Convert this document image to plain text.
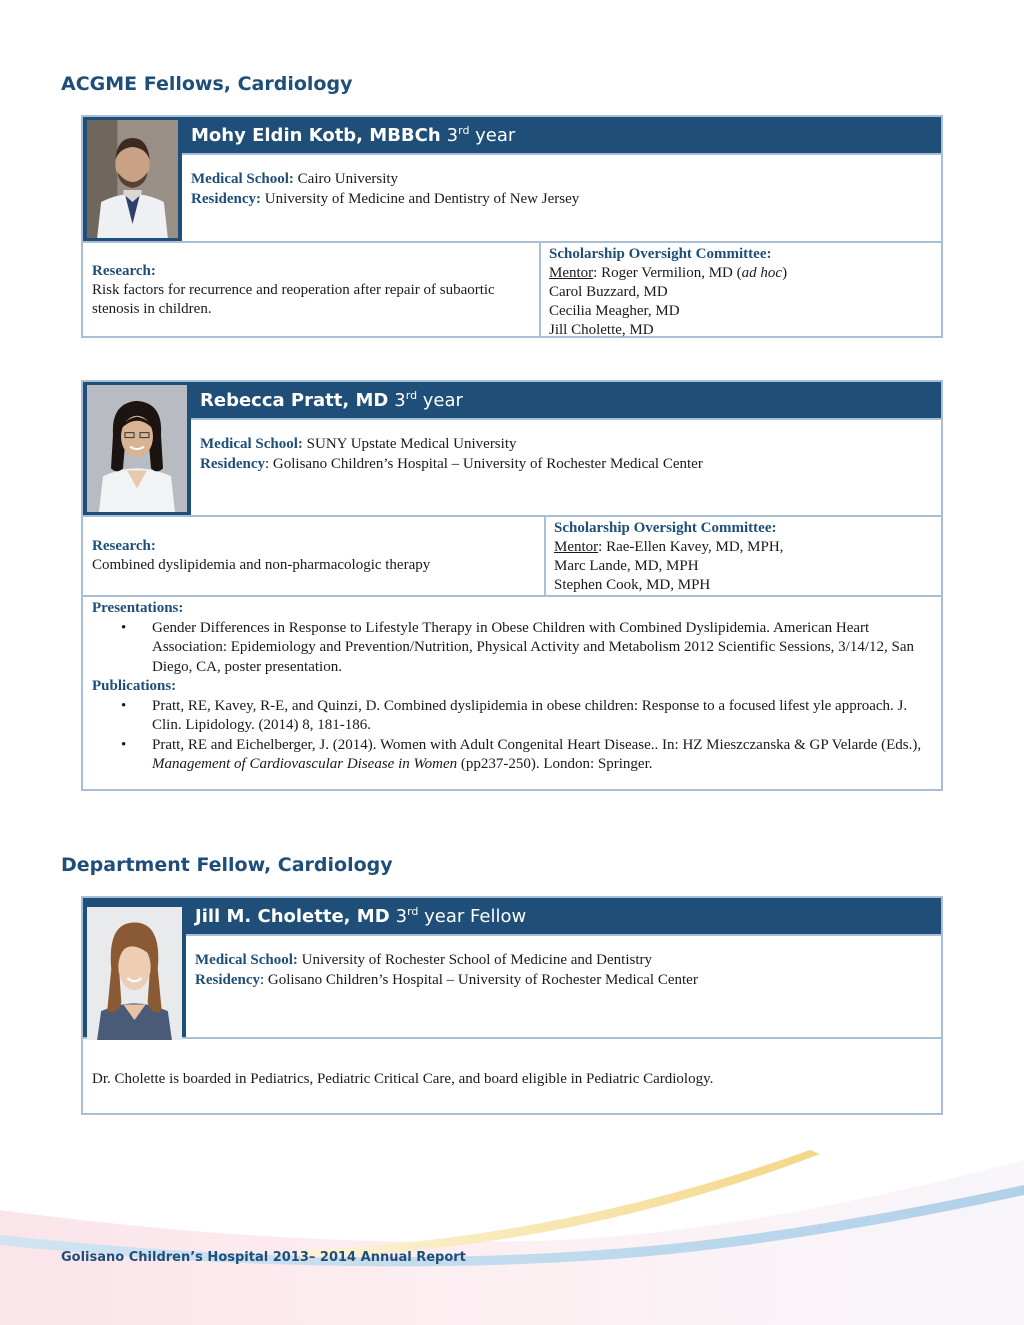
ACGME Fellows, Cardiology
Mohy Eldin Kotb, MBBCh 3rd year
Medical School: Cairo University
Residency: University of Medicine and Dentistry of New Jersey
Research:
Risk factors for recurrence and reoperation after repair of subaortic stenosis in children.
Scholarship Oversight Committee:
Mentor: Roger Vermilion, MD (ad hoc)
Carol Buzzard, MD
Cecilia Meagher, MD
Jill Cholette, MD
Rebecca Pratt, MD 3rd year
Medical School: SUNY Upstate Medical University
Residency: Golisano Children’s Hospital – University of Rochester Medical Center
Research:
Combined dyslipidemia and non-pharmacologic therapy
Scholarship Oversight Committee:
Mentor: Rae-Ellen Kavey, MD, MPH,
Marc Lande, MD, MPH
Stephen Cook, MD, MPH
Presentations:
• Gender Differences in Response to Lifestyle Therapy in Obese Children with Combined Dyslipidemia. American Heart Association: Epidemiology and Prevention/Nutrition, Physical Activity and Metabolism 2012 Scientific Sessions, 3/14/12, San Diego, CA, poster presentation.
Publications:
• Pratt, RE, Kavey, R-E, and Quinzi, D. Combined dyslipidemia in obese children: Response to a focused lifest yle approach. J. Clin. Lipidology. (2014) 8, 181-186.
• Pratt, RE and Eichelberger, J. (2014). Women with Adult Congenital Heart Disease.. In: HZ Mieszczanska & GP Velarde (Eds.), Management of Cardiovascular Disease in Women (pp237-250). London: Springer.
Department Fellow, Cardiology
Jill M. Cholette, MD 3rd year Fellow
Medical School: University of Rochester School of Medicine and Dentistry
Residency: Golisano Children’s Hospital – University of Rochester Medical Center
Dr. Cholette is boarded in Pediatrics, Pediatric Critical Care, and board eligible in Pediatric Cardiology.
Golisano Children’s Hospital 2013– 2014 Annual Report
